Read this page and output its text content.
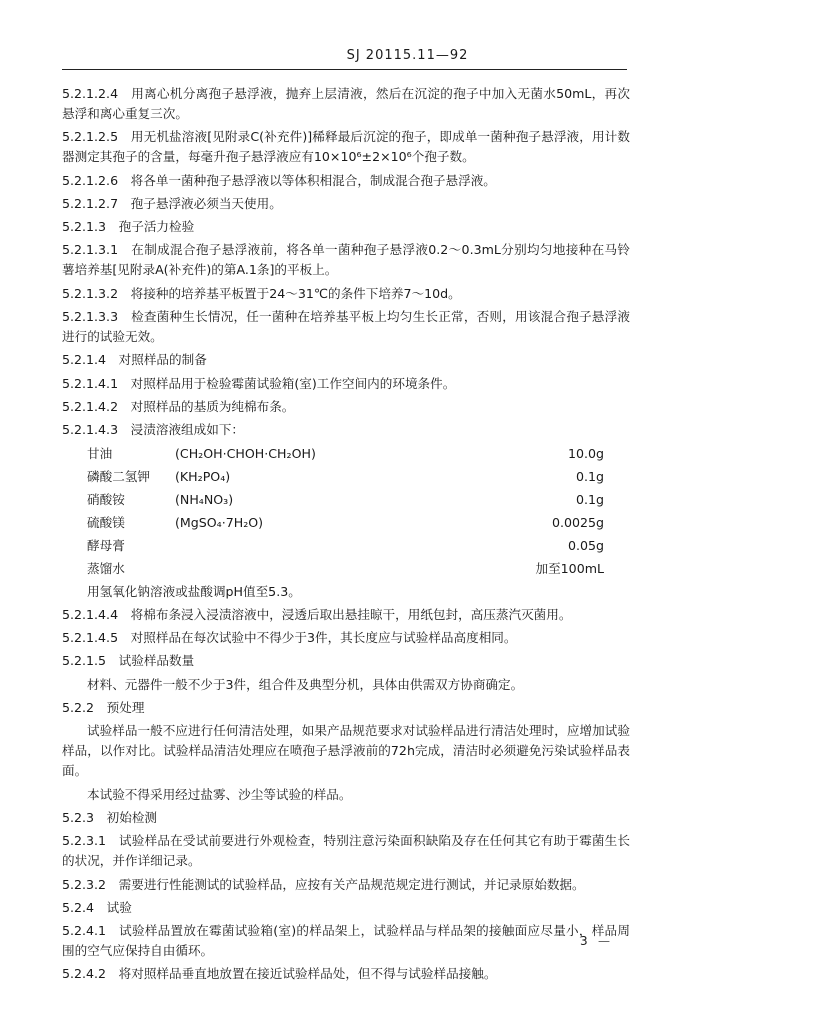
SJ 20115.11—92
5.2.1.2.4　用离心机分离孢子悬浮液，抛弃上层清液，然后在沉淀的孢子中加入无菌水50mL，再次悬浮和离心重复三次。
5.2.1.2.5　用无机盐溶液[见附录C(补充件)]稀释最后沉淀的孢子，即成单一菌种孢子悬浮液，用计数器测定其孢子的含量，每毫升孢子悬浮液应有10×10⁶±2×10⁶个孢子数。
5.2.1.2.6　将各单一菌种孢子悬浮液以等体积相混合，制成混合孢子悬浮液。
5.2.1.2.7　孢子悬浮液必须当天使用。
5.2.1.3　孢子活力检验
5.2.1.3.1　在制成混合孢子悬浮液前，将各单一菌种孢子悬浮液0.2～0.3mL分别均匀地接种在马铃薯培养基[见附录A(补充件)的第A.1条]的平板上。
5.2.1.3.2　将接种的培养基平板置于24～31℃的条件下培养7～10d。
5.2.1.3.3　检查菌种生长情况，任一菌种在培养基平板上均匀生长正常，否则，用该混合孢子悬浮液进行的试验无效。
5.2.1.4　对照样品的制备
5.2.1.4.1　对照样品用于检验霉菌试验箱(室)工作空间内的环境条件。
5.2.1.4.2　对照样品的基质为纯棉布条。
5.2.1.4.3　浸渍溶液组成如下：
甘油	(CH₂OH·CHOH·CH₂OH)	10.0g
磷酸二氢钾 (KH₂PO₄)	0.1g
硝酸铵	(NH₄NO₃)	0.1g
硫酸镁	(MgSO₄·7H₂O)	0.0025g
酵母膏	0.05g
蒸馏水	加至100mL
用氢氧化钠溶液或盐酸调pH值至5.3。
5.2.1.4.4　将棉布条浸入浸渍溶液中，浸透后取出悬挂晾干，用纸包封，高压蒸汽灭菌用。
5.2.1.4.5　对照样品在每次试验中不得少于3件，其长度应与试验样品高度相同。
5.2.1.5　试验样品数量
材料、元器件一般不少于3件，组合件及典型分机，具体由供需双方协商确定。
5.2.2　预处理
试验样品一般不应进行任何清洁处理，如果产品规范要求对试验样品进行清洁处理时，应增加试验样品，以作对比。试验样品清洁处理应在喷孢子悬浮液前的72h完成，清洁时必须避免污染试验样品表面。
本试验不得采用经过盐雾、沙尘等试验的样品。
5.2.3　初始检测
5.2.3.1　试验样品在受试前要进行外观检查，特别注意污染面积缺陷及存在任何其它有助于霉菌生长的状况，并作详细记录。
5.2.3.2　需要进行性能测试的试验样品，应按有关产品规范规定进行测试，并记录原始数据。
5.2.4　试验
5.2.4.1　试验样品置放在霉菌试验箱(室)的样品架上，试验样品与样品架的接触面应尽量小，样品周围的空气应保持自由循环。
5.2.4.2　将对照样品垂直地放置在接近试验样品处，但不得与试验样品接触。
3 —
